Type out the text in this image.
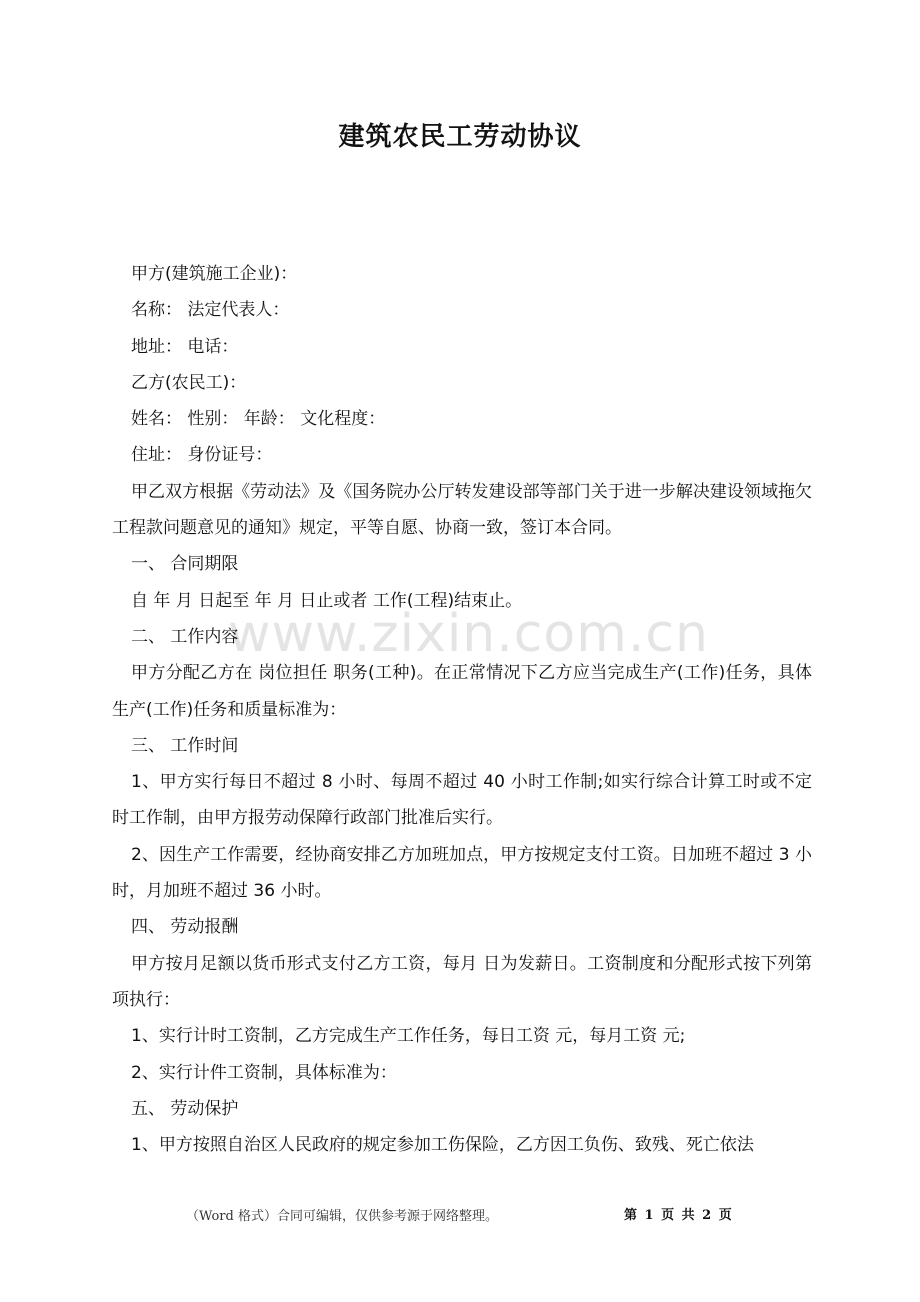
建筑农民工劳动协议
www.zixin.com.cn

甲方(建筑施工企业)：

名称： 法定代表人：

地址： 电话：

乙方(农民工)：

姓名： 性别： 年龄： 文化程度：

住址： 身份证号：

甲乙双方根据《劳动法》及《国务院办公厅转发建设部等部门关于进一步解决建设领域拖欠工程款问题意见的通知》规定，平等自愿、协商一致，签订本合同。

一、 合同期限

自 年 月 日起至 年 月 日止或者 工作(工程)结束止。

二、 工作内容

甲方分配乙方在 岗位担任 职务(工种)。在正常情况下乙方应当完成生产(工作)任务，具体生产(工作)任务和质量标准为：

三、 工作时间

1、甲方实行每日不超过 8 小时、每周不超过 40 小时工作制;如实行综合计算工时或不定时工作制，由甲方报劳动保障行政部门批准后实行。

2、因生产工作需要，经协商安排乙方加班加点，甲方按规定支付工资。日加班不超过 3 小时，月加班不超过 36 小时。

四、 劳动报酬

甲方按月足额以货币形式支付乙方工资，每月 日为发薪日。工资制度和分配形式按下列第 项执行：

1、实行计时工资制，乙方完成生产工作任务，每日工资 元，每月工资 元;

2、实行计件工资制，具体标准为：

五、 劳动保护

1、甲方按照自治区人民政府的规定参加工伤保险，乙方因工负伤、致残、死亡依法

（Word 格式）合同可编辑，仅供参考源于网络整理。	第 1 页 共 2 页
